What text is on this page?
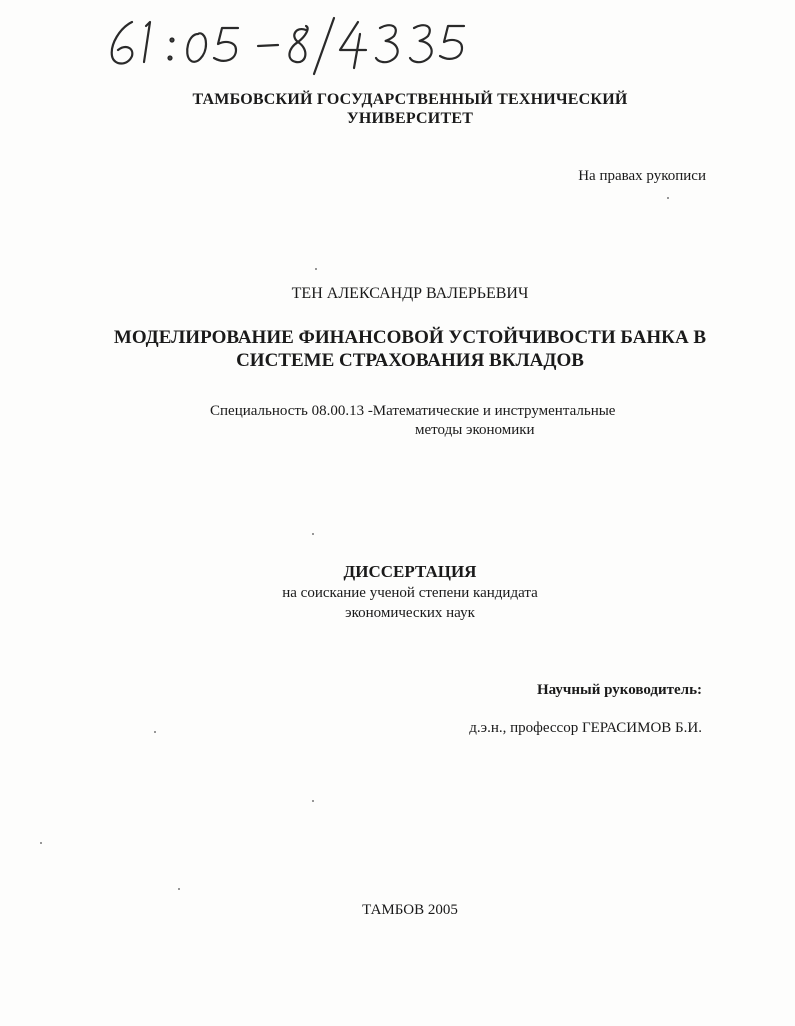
ТАМБОВСКИЙ ГОСУДАРСТВЕННЫЙ ТЕХНИЧЕСКИЙ
УНИВЕРСИТЕТ
На правах рукописи
ТЕН АЛЕКСАНДР ВАЛЕРЬЕВИЧ
МОДЕЛИРОВАНИЕ ФИНАНСОВОЙ УСТОЙЧИВОСТИ БАНКА В
СИСТЕМЕ СТРАХОВАНИЯ ВКЛАДОВ
Специальность 08.00.13 -Математические и инструментальные
методы экономики
ДИССЕРТАЦИЯ
на соискание ученой степени кандидата
экономических наук
Научный руководитель:
д.э.н., профессор ГЕРАСИМОВ Б.И.
ТАМБОВ 2005
